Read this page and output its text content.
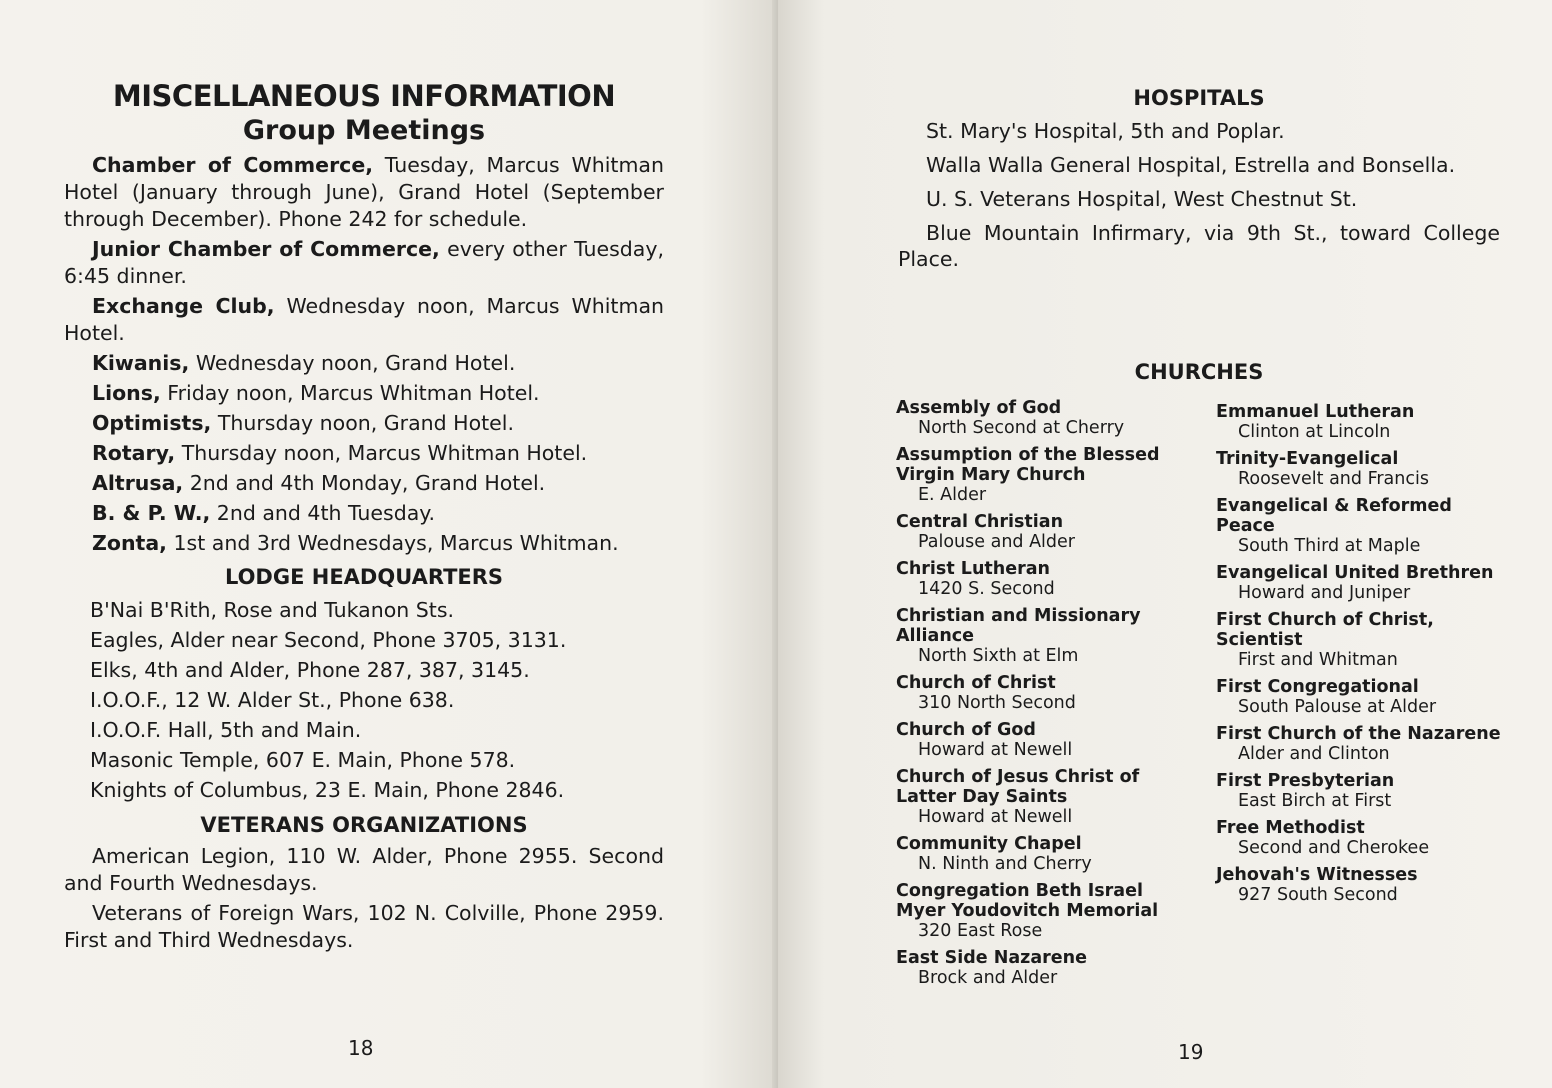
MISCELLANEOUS INFORMATION
Group Meetings

Chamber of Commerce, Tuesday, Marcus Whitman Hotel (January through June), Grand Hotel (September through December). Phone 242 for schedule.

Junior Chamber of Commerce, every other Tuesday, 6:45 dinner.

Exchange Club, Wednesday noon, Marcus Whitman Hotel.

Kiwanis, Wednesday noon, Grand Hotel.

Lions, Friday noon, Marcus Whitman Hotel.

Optimists, Thursday noon, Grand Hotel.

Rotary, Thursday noon, Marcus Whitman Hotel.

Altrusa, 2nd and 4th Monday, Grand Hotel.

B. & P. W., 2nd and 4th Tuesday.

Zonta, 1st and 3rd Wednesdays, Marcus Whitman.

LODGE HEADQUARTERS

B'Nai B'Rith, Rose and Tukanon Sts.

Eagles, Alder near Second, Phone 3705, 3131.

Elks, 4th and Alder, Phone 287, 387, 3145.

I.O.O.F., 12 W. Alder St., Phone 638.

I.O.O.F. Hall, 5th and Main.

Masonic Temple, 607 E. Main, Phone 578.

Knights of Columbus, 23 E. Main, Phone 2846.

VETERANS ORGANIZATIONS

American Legion, 110 W. Alder, Phone 2955. Second and Fourth Wednesdays.

Veterans of Foreign Wars, 102 N. Colville, Phone 2959. First and Third Wednesdays.

18
HOSPITALS

St. Mary's Hospital, 5th and Poplar.

Walla Walla General Hospital, Estrella and Bonsella.

U. S. Veterans Hospital, West Chestnut St.

Blue Mountain Infirmary, via 9th St., toward College Place.

CHURCHES

Assembly of God

North Second at Cherry

Assumption of the Blessed Virgin Mary Church

E. Alder

Central Christian

Palouse and Alder

Christ Lutheran

1420 S. Second

Christian and Missionary Alliance

North Sixth at Elm

Church of Christ

310 North Second

Church of God

Howard at Newell

Church of Jesus Christ of Latter Day Saints

Howard at Newell

Community Chapel

N. Ninth and Cherry

Congregation Beth Israel Myer Youdovitch Memorial

320 East Rose

East Side Nazarene

Brock and Alder

Emmanuel Lutheran

Clinton at Lincoln

Trinity-Evangelical

Roosevelt and Francis

Evangelical & Reformed Peace

South Third at Maple

Evangelical United Brethren

Howard and Juniper

First Church of Christ, Scientist

First and Whitman

First Congregational

South Palouse at Alder

First Church of the Nazarene

Alder and Clinton

First Presbyterian

East Birch at First

Free Methodist

Second and Cherokee

Jehovah's Witnesses

927 South Second

19
